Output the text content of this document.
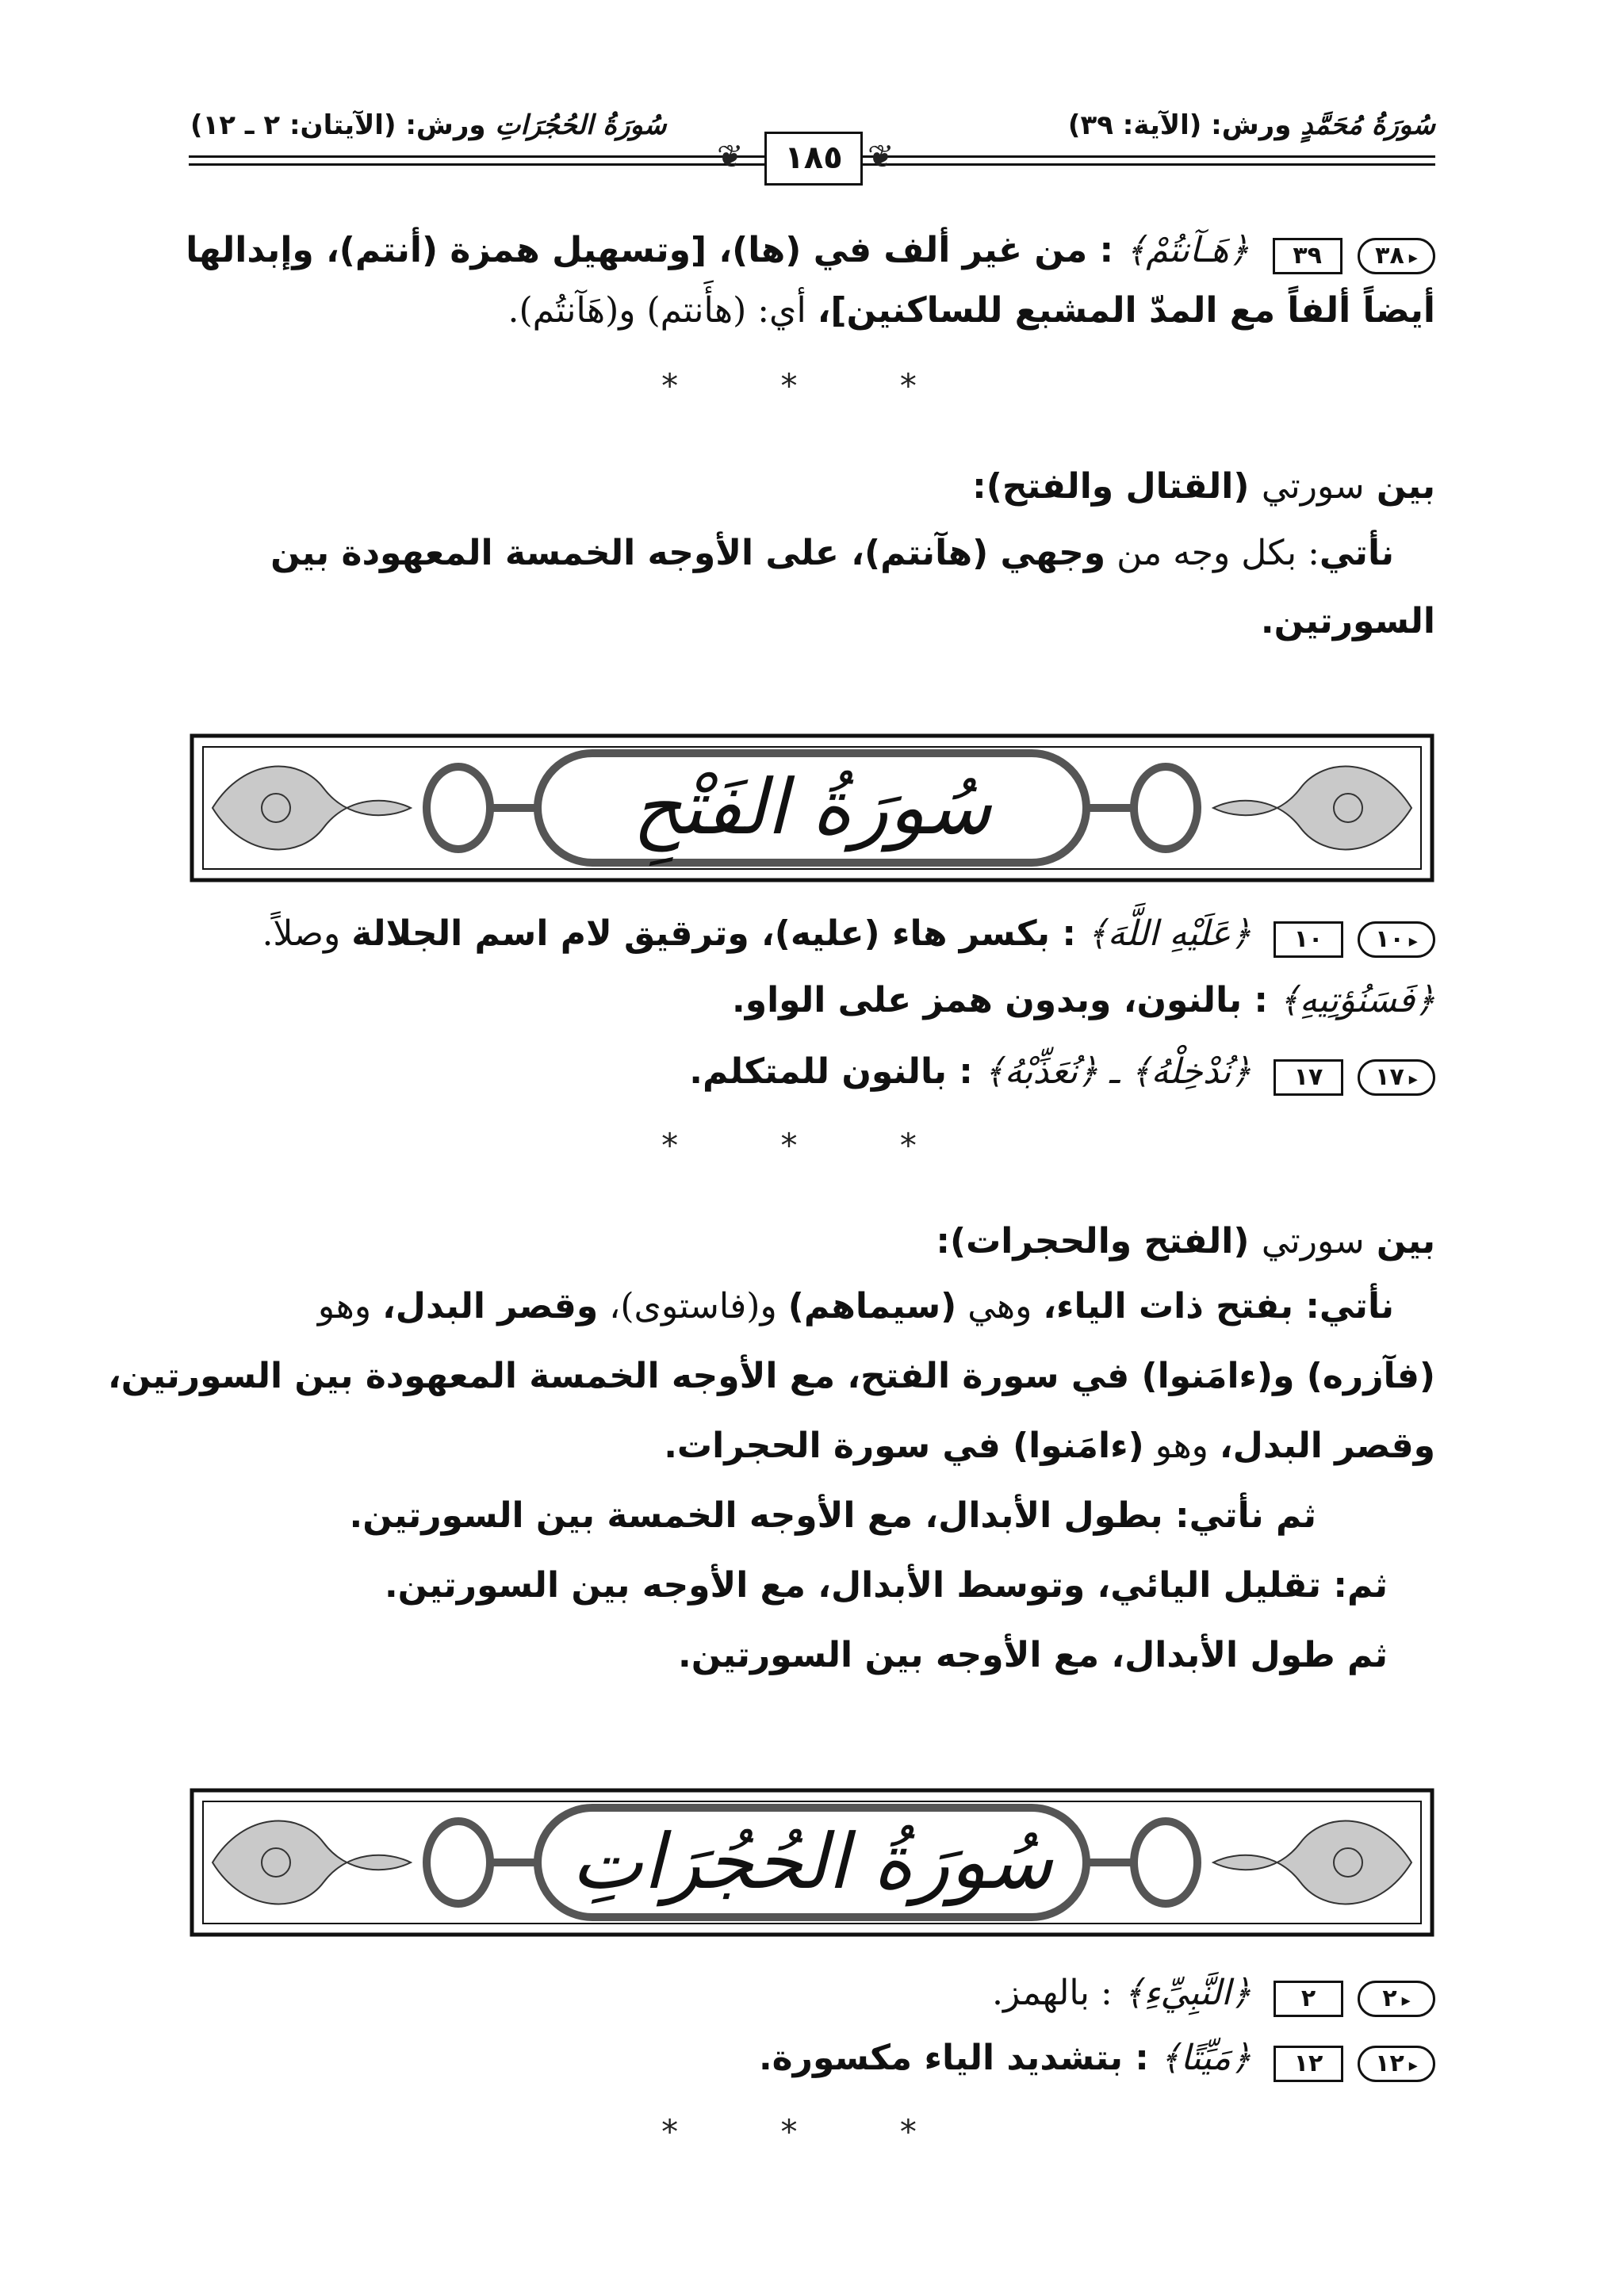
سُورَةُ مُحَمَّدٍ ورش: (الآية: ٣٩)
سُورَةُ الحُجُرَاتِ ورش: (الآيتان: ٢ ـ ١٢)
❦	١٨٥ ❦
٣٩ ٣٨ ▸ ﴿هَـآنتُمْ﴾ : من غير ألف في (ها)، [وتسهيل همزة (أنتم)، وإبدالها
أيضاً ألفاً مع المدّ المشبع للساكنين]، أي: (هأَنتم) و(هَآنتُم).
* * *
بين سورتي (القتال والفتح):
نأتي: بكل وجه من وجهي (هآنتم)، على الأوجه الخمسة المعهودة بين
السورتين.
سُورَةُ الفَتْحِ
١٠ ١٠ ▸ ﴿عَلَيْهِ اللَّهَ﴾ : بكسر هاء (عليه)، وترقيق لام اسم الجلالة وصلاً.
﴿فَسَنُؤتِيهِ﴾ : بالنون، وبدون همز على الواو.
١٧ ١٧ ▸ ﴿نُدْخِلْهُ﴾ ـ ﴿نُعَذِّبْهُ﴾ : بالنون للمتكلم.
* * *
بين سورتي (الفتح والحجرات):
نأتي: بفتح ذات الياء، وهي (سيماهم) و(فاستوى)، وقصر البدل، وهو
(فآزره) و(ءامَنوا) في سورة الفتح، مع الأوجه الخمسة المعهودة بين السورتين،
وقصر البدل، وهو (ءامَنوا) في سورة الحجرات.
ثم نأتي: بطول الأبدال، مع الأوجه الخمسة بين السورتين.
ثم: تقليل اليائي، وتوسط الأبدال، مع الأوجه بين السورتين.
ثم طول الأبدال، مع الأوجه بين السورتين.
سُورَةُ الحُجُرَاتِ
٢	٢ ▸ ﴿النَّبِيِّءِ﴾ : بالهمز.
١٢ ١٢ ▸ ﴿مَيِّتًا﴾ : بتشديد الياء مكسورة.
* * *
